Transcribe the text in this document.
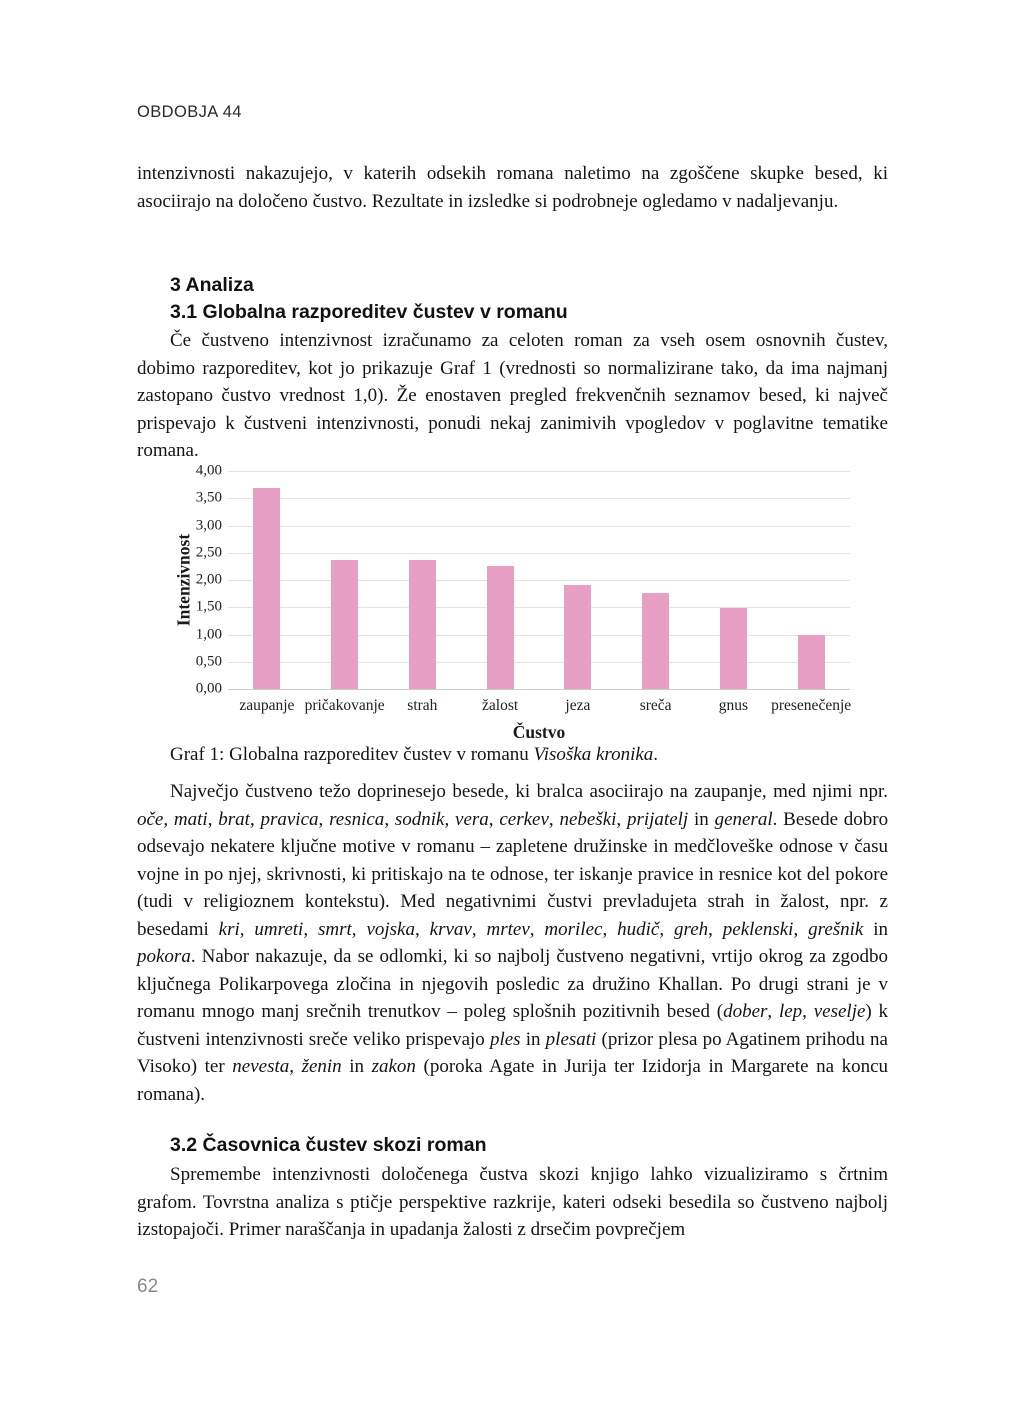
OBDOBJA 44

intenzivnosti nakazujejo, v katerih odsekih romana naletimo na zgoščene skupke besed, ki asociirajo na določeno čustvo. Rezultate in izsledke si podrobneje ogledamo v nadaljevanju.

3 Analiza
3.1 Globalna razporeditev čustev v romanu

Če čustveno intenzivnost izračunamo za celoten roman za vseh osem osnovnih čustev, dobimo razporeditev, kot jo prikazuje Graf 1 (vrednosti so normalizirane tako, da ima najmanj zastopano čustvo vrednost 1,0). Že enostaven pregled frekvenčnih seznamov besed, ki največ prispevajo k čustveni intenzivnosti, ponudi nekaj zanimivih vpogledov v poglavitne tematike romana.

0,00
0,50
1,00
1,50
2,00
2,50
3,00
3,50
4,00
zaupanje pričakovanje strah	žalost	jeza	sreča	gnus presenečenje
Čustvo
Intenzivnost

Graf 1: Globalna razporeditev čustev v romanu Visoška kronika.

Največjo čustveno težo doprinesejo besede, ki bralca asociirajo na zaupanje, med njimi npr. oče, mati, brat, pravica, resnica, sodnik, vera, cerkev, nebeški, prijatelj in general. Besede dobro odsevajo nekatere ključne motive v romanu – zapletene družinske in medčloveške odnose v času vojne in po njej, skrivnosti, ki pritiskajo na te odnose, ter iskanje pravice in resnice kot del pokore (tudi v religioznem kontekstu). Med negativnimi čustvi prevladujeta strah in žalost, npr. z besedami kri, umreti, smrt, vojska, krvav, mrtev, morilec, hudič, greh, peklenski, grešnik in pokora. Nabor nakazuje, da se odlomki, ki so najbolj čustveno negativni, vrtijo okrog za zgodbo ključnega Polikarpovega zločina in njegovih posledic za družino Khallan. Po drugi strani je v romanu mnogo manj srečnih trenutkov – poleg splošnih pozitivnih besed (dober, lep, veselje) k čustveni intenzivnosti sreče veliko prispevajo ples in plesati (prizor plesa po Agatinem prihodu na Visoko) ter nevesta, ženin in zakon (poroka Agate in Jurija ter Izidorja in Margarete na koncu romana).

3.2 Časovnica čustev skozi roman

Spremembe intenzivnosti določenega čustva skozi knjigo lahko vizualiziramo s črtnim grafom. Tovrstna analiza s ptičje perspektive razkrije, kateri odseki besedila so čustveno najbolj izstopajoči. Primer naraščanja in upadanja žalosti z drsečim povprečjem

62
